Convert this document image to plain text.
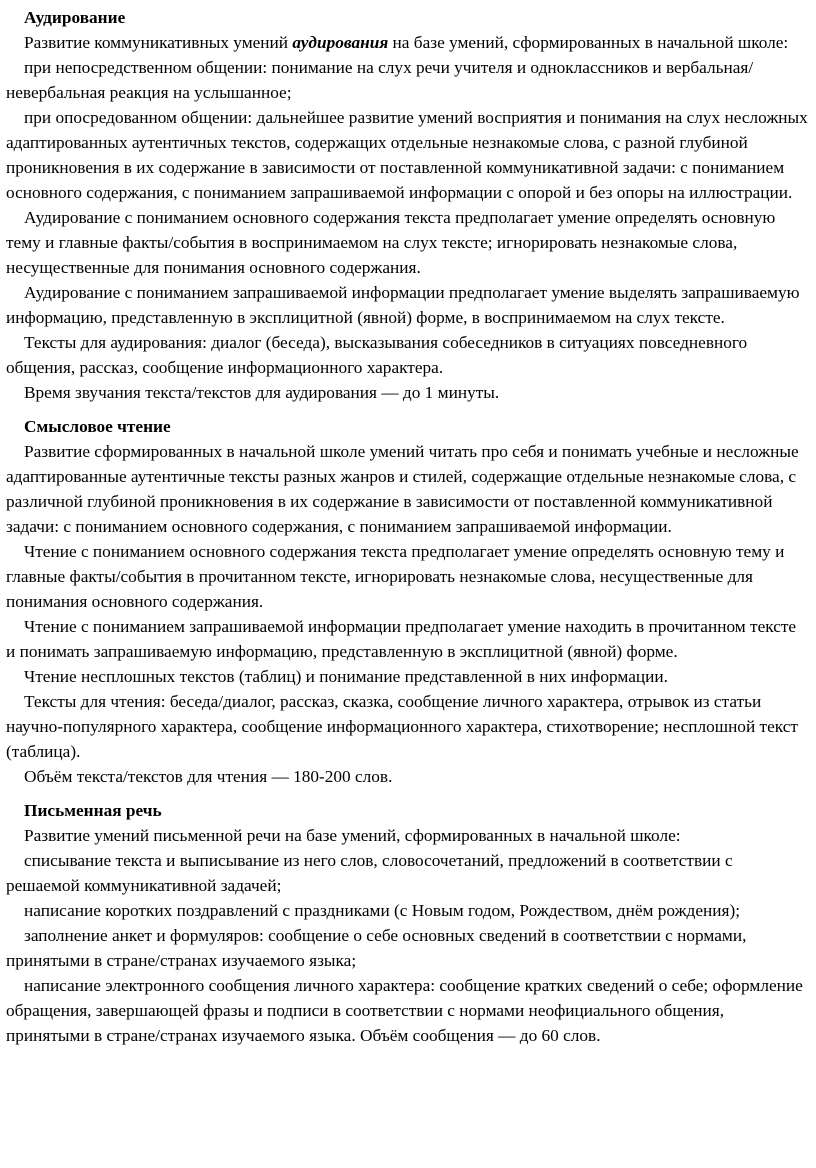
Аудирование

Развитие коммуникативных умений аудирования на базе умений, сформированных в начальной школе:

при непосредственном общении: понимание на слух речи учителя и одноклассников и вербальная/невербальная реакция на услышанное;

при опосредованном общении: дальнейшее развитие умений восприятия и понимания на слух несложных адаптированных аутентичных текстов, содержащих отдельные незнакомые слова, с разной глубиной проникновения в их содержание в зависимости от поставленной коммуникативной задачи: с пониманием основного содержания, с пониманием запрашиваемой информации с опорой и без опоры на иллюстрации.

Аудирование с пониманием основного содержания текста предполагает умение определять основную тему и главные факты/события в воспринимаемом на слух тексте; игнорировать незнакомые слова, несущественные для понимания основного содержания.

Аудирование с пониманием запрашиваемой информации предполагает умение выделять запрашиваемую информацию, представленную в эксплицитной (явной) форме, в воспринимаемом на слух тексте.

Тексты для аудирования: диалог (беседа), высказывания собеседников в ситуациях повседневного общения, рассказ, сообщение информационного характера.

Время звучания текста/текстов для аудирования — до 1 минуты.

Смысловое чтение

Развитие сформированных в начальной школе умений читать про себя и понимать учебные и несложные адаптированные аутентичные тексты разных жанров и стилей, содержащие отдельные незнакомые слова, с различной глубиной проникновения в их содержание в зависимости от поставленной коммуникативной задачи: с пониманием основного содержания, с пониманием запрашиваемой информации.

Чтение с пониманием основного содержания текста предполагает умение определять основную тему и главные факты/события в прочитанном тексте, игнорировать незнакомые слова, несущественные для понимания основного содержания.

Чтение с пониманием запрашиваемой информации предполагает умение находить в прочитанном тексте и понимать запрашиваемую информацию, представленную в эксплицитной (явной) форме.

Чтение несплошных текстов (таблиц) и понимание представленной в них информации.

Тексты для чтения: беседа/диалог, рассказ, сказка, сообщение личного характера, отрывок из статьи научно-популярного характера, сообщение информационного характера, стихотворение; несплошной текст (таблица).

Объём текста/текстов для чтения — 180-200 слов.

Письменная речь

Развитие умений письменной речи на базе умений, сформированных в начальной школе:

списывание текста и выписывание из него слов, словосочетаний, предложений в соответствии с решаемой коммуникативной задачей;

написание коротких поздравлений с праздниками (с Новым годом, Рождеством, днём рождения);

заполнение анкет и формуляров: сообщение о себе основных сведений в соответствии с нормами, принятыми в стране/странах изучаемого языка;

написание электронного сообщения личного характера: сообщение кратких сведений о себе; оформление обращения, завершающей фразы и подписи в соответствии с нормами неофициального общения, принятыми в стране/странах изучаемого языка. Объём сообщения — до 60 слов.
